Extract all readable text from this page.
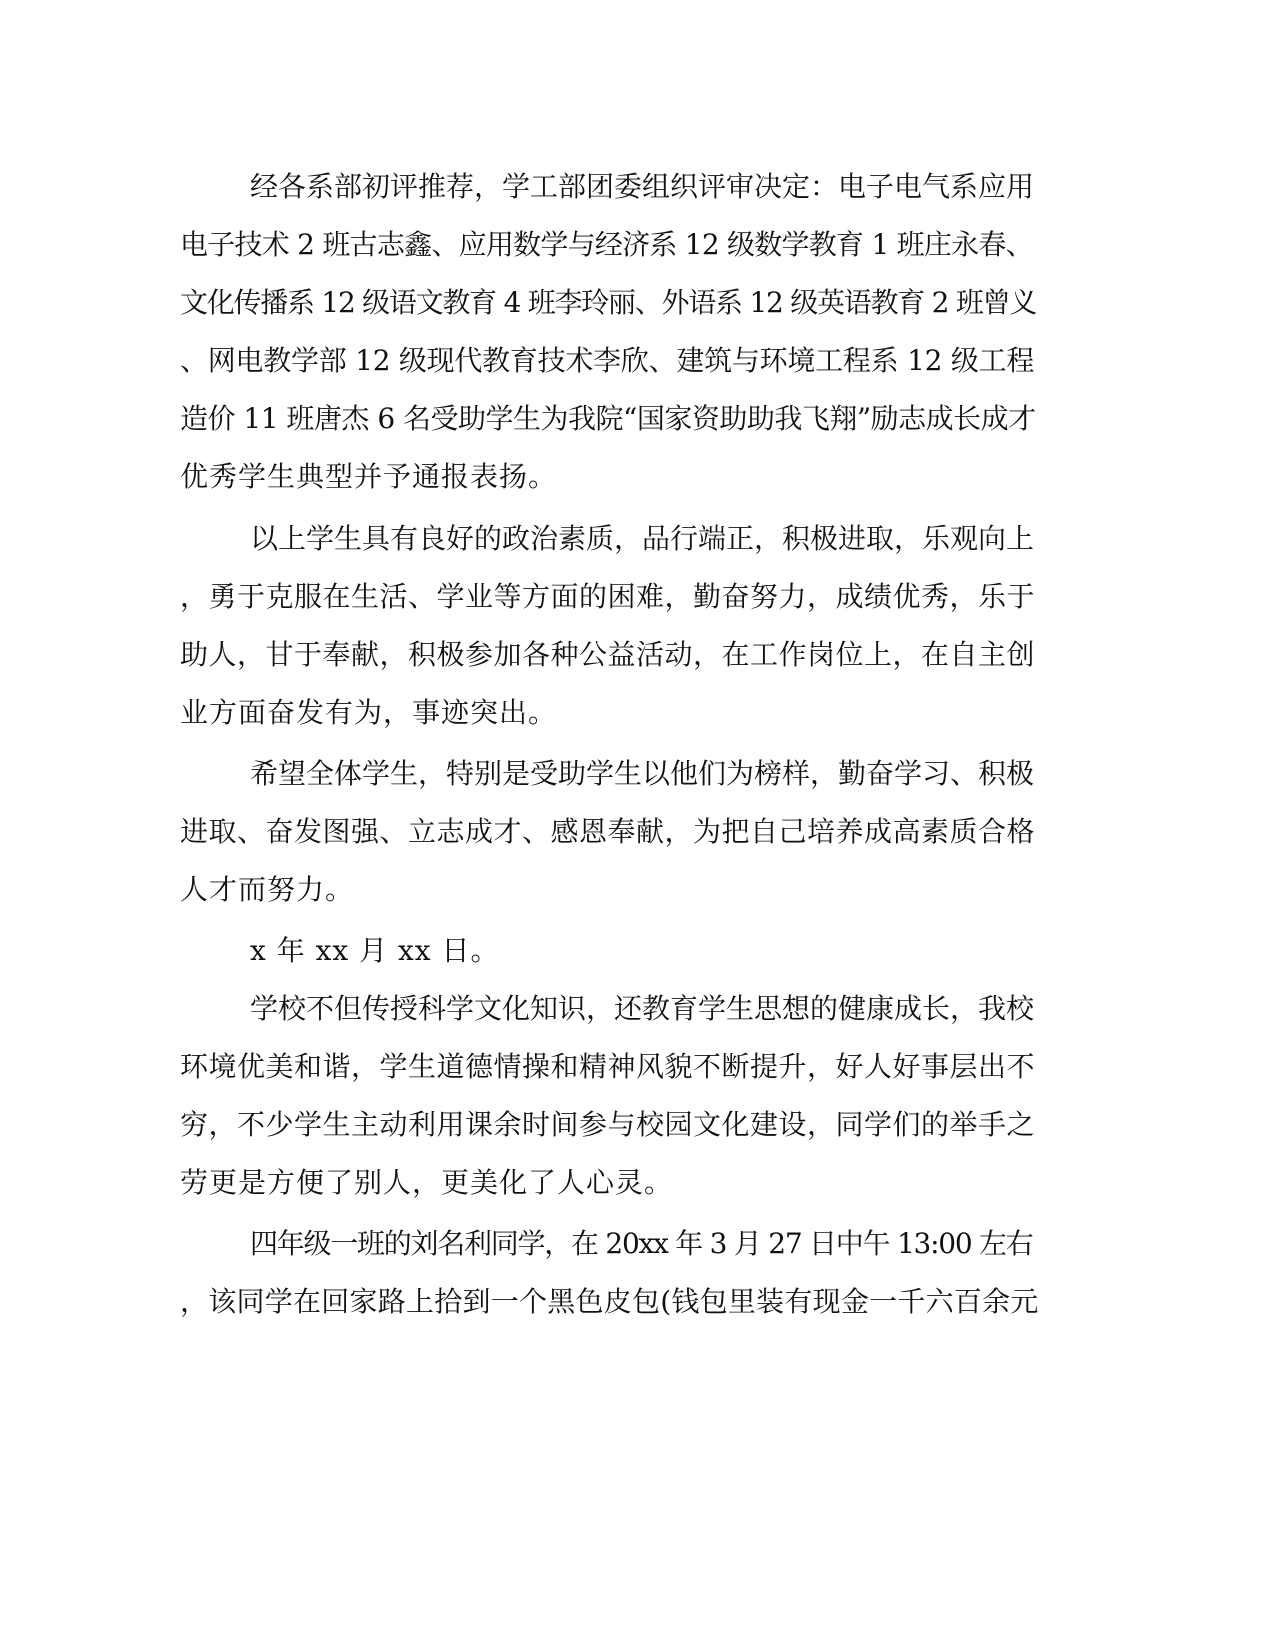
经各系部初评推荐，学工部团委组织评审决定：电子电气系应用
电子技术 2 班古志鑫、应用数学与经济系 12 级数学教育 1 班庄永春、
文化传播系 12 级语文教育 4 班李玲丽、外语系 12 级英语教育 2 班曾义
、网电教学部 12 级现代教育技术李欣、建筑与环境工程系 12 级工程
造价 11 班唐杰 6 名受助学生为我院“国家资助助我飞翔”励志成长成才
优秀学生典型并予通报表扬。
以上学生具有良好的政治素质，品行端正，积极进取，乐观向上
，勇于克服在生活、学业等方面的困难，勤奋努力，成绩优秀，乐于
助人，甘于奉献，积极参加各种公益活动，在工作岗位上，在自主创
业方面奋发有为，事迹突出。
希望全体学生，特别是受助学生以他们为榜样，勤奋学习、积极
进取、奋发图强、立志成才、感恩奉献，为把自己培养成高素质合格
人才而努力。
x 年 xx 月 xx 日。
学校不但传授科学文化知识，还教育学生思想的健康成长，我校
环境优美和谐，学生道德情操和精神风貌不断提升，好人好事层出不
穷，不少学生主动利用课余时间参与校园文化建设，同学们的举手之
劳更是方便了别人，更美化了人心灵。
四年级一班的刘名利同学，在 20xx 年 3 月 27 日中午 13:00 左右
，该同学在回家路上拾到一个黑色皮包(钱包里装有现金一千六百余元
